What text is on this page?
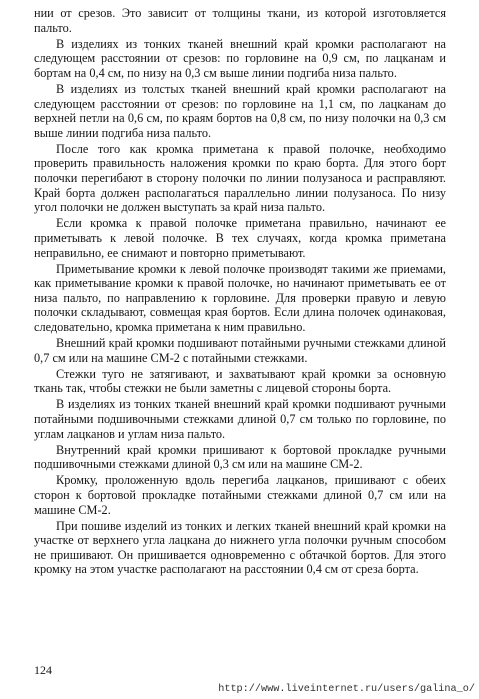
нии от срезов. Это зависит от толщины ткани, из которой изготовляется пальто.

В изделиях из тонких тканей внешний край кромки располагают на следующем расстоянии от срезов: по горловине на 0,9 см, по лацканам и бортам на 0,4 см, по низу на 0,3 см выше линии подгиба низа пальто.

В изделиях из толстых тканей внешний край кромки располагают на следующем расстоянии от срезов: по горловине на 1,1 см, по лацканам до верхней петли на 0,6 см, по краям бортов на 0,8 см, по низу полочки на 0,3 см выше линии подгиба низа пальто.

После того как кромка приметана к правой полочке, необходимо проверить правильность наложения кромки по краю борта. Для этого борт полочки перегибают в сторону полочки по линии полузаноса и расправляют. Край борта должен располагаться параллельно линии полузаноса. По низу угол полочки не должен выступать за край низа пальто.

Если кромка к правой полочке приметана правильно, начинают ее приметывать к левой полочке. В тех случаях, когда кромка приметана неправильно, ее снимают и повторно приметывают.

Приметывание кромки к левой полочке производят такими же приемами, как приметывание кромки к правой полочке, но начинают приметывать ее от низа пальто, по направлению к горловине. Для проверки правую и левую полочки складывают, совмещая края бортов. Если длина полочек одинаковая, следовательно, кромка приметана к ним правильно.

Внешний край кромки подшивают потайными ручными стежками длиной 0,7 см или на машине СМ-2 с потайными стежками.

Стежки туго не затягивают, и захватывают край кромки за основную ткань так, чтобы стежки не были заметны с лицевой стороны борта.

В изделиях из тонких тканей внешний край кромки подшивают ручными потайными подшивочными стежками длиной 0,7 см только по горловине, по углам лацканов и углам низа пальто.

Внутренний край кромки пришивают к бортовой прокладке ручными подшивочными стежками длиной 0,3 см или на машине СМ-2.

Кромку, проложенную вдоль перегиба лацканов, пришивают с обеих сторон к бортовой прокладке потайными стежками длиной 0,7 см или на машине СМ-2.

При пошиве изделий из тонких и легких тканей внешний край кромки на участке от верхнего угла лацкана до нижнего угла полочки ручным способом не пришивают. Он пришивается одновременно с обтачкой бортов. Для этого кромку на этом участке располагают на расстоянии 0,4 см от среза борта.

124
http://www.liveinternet.ru/users/galina_o/
